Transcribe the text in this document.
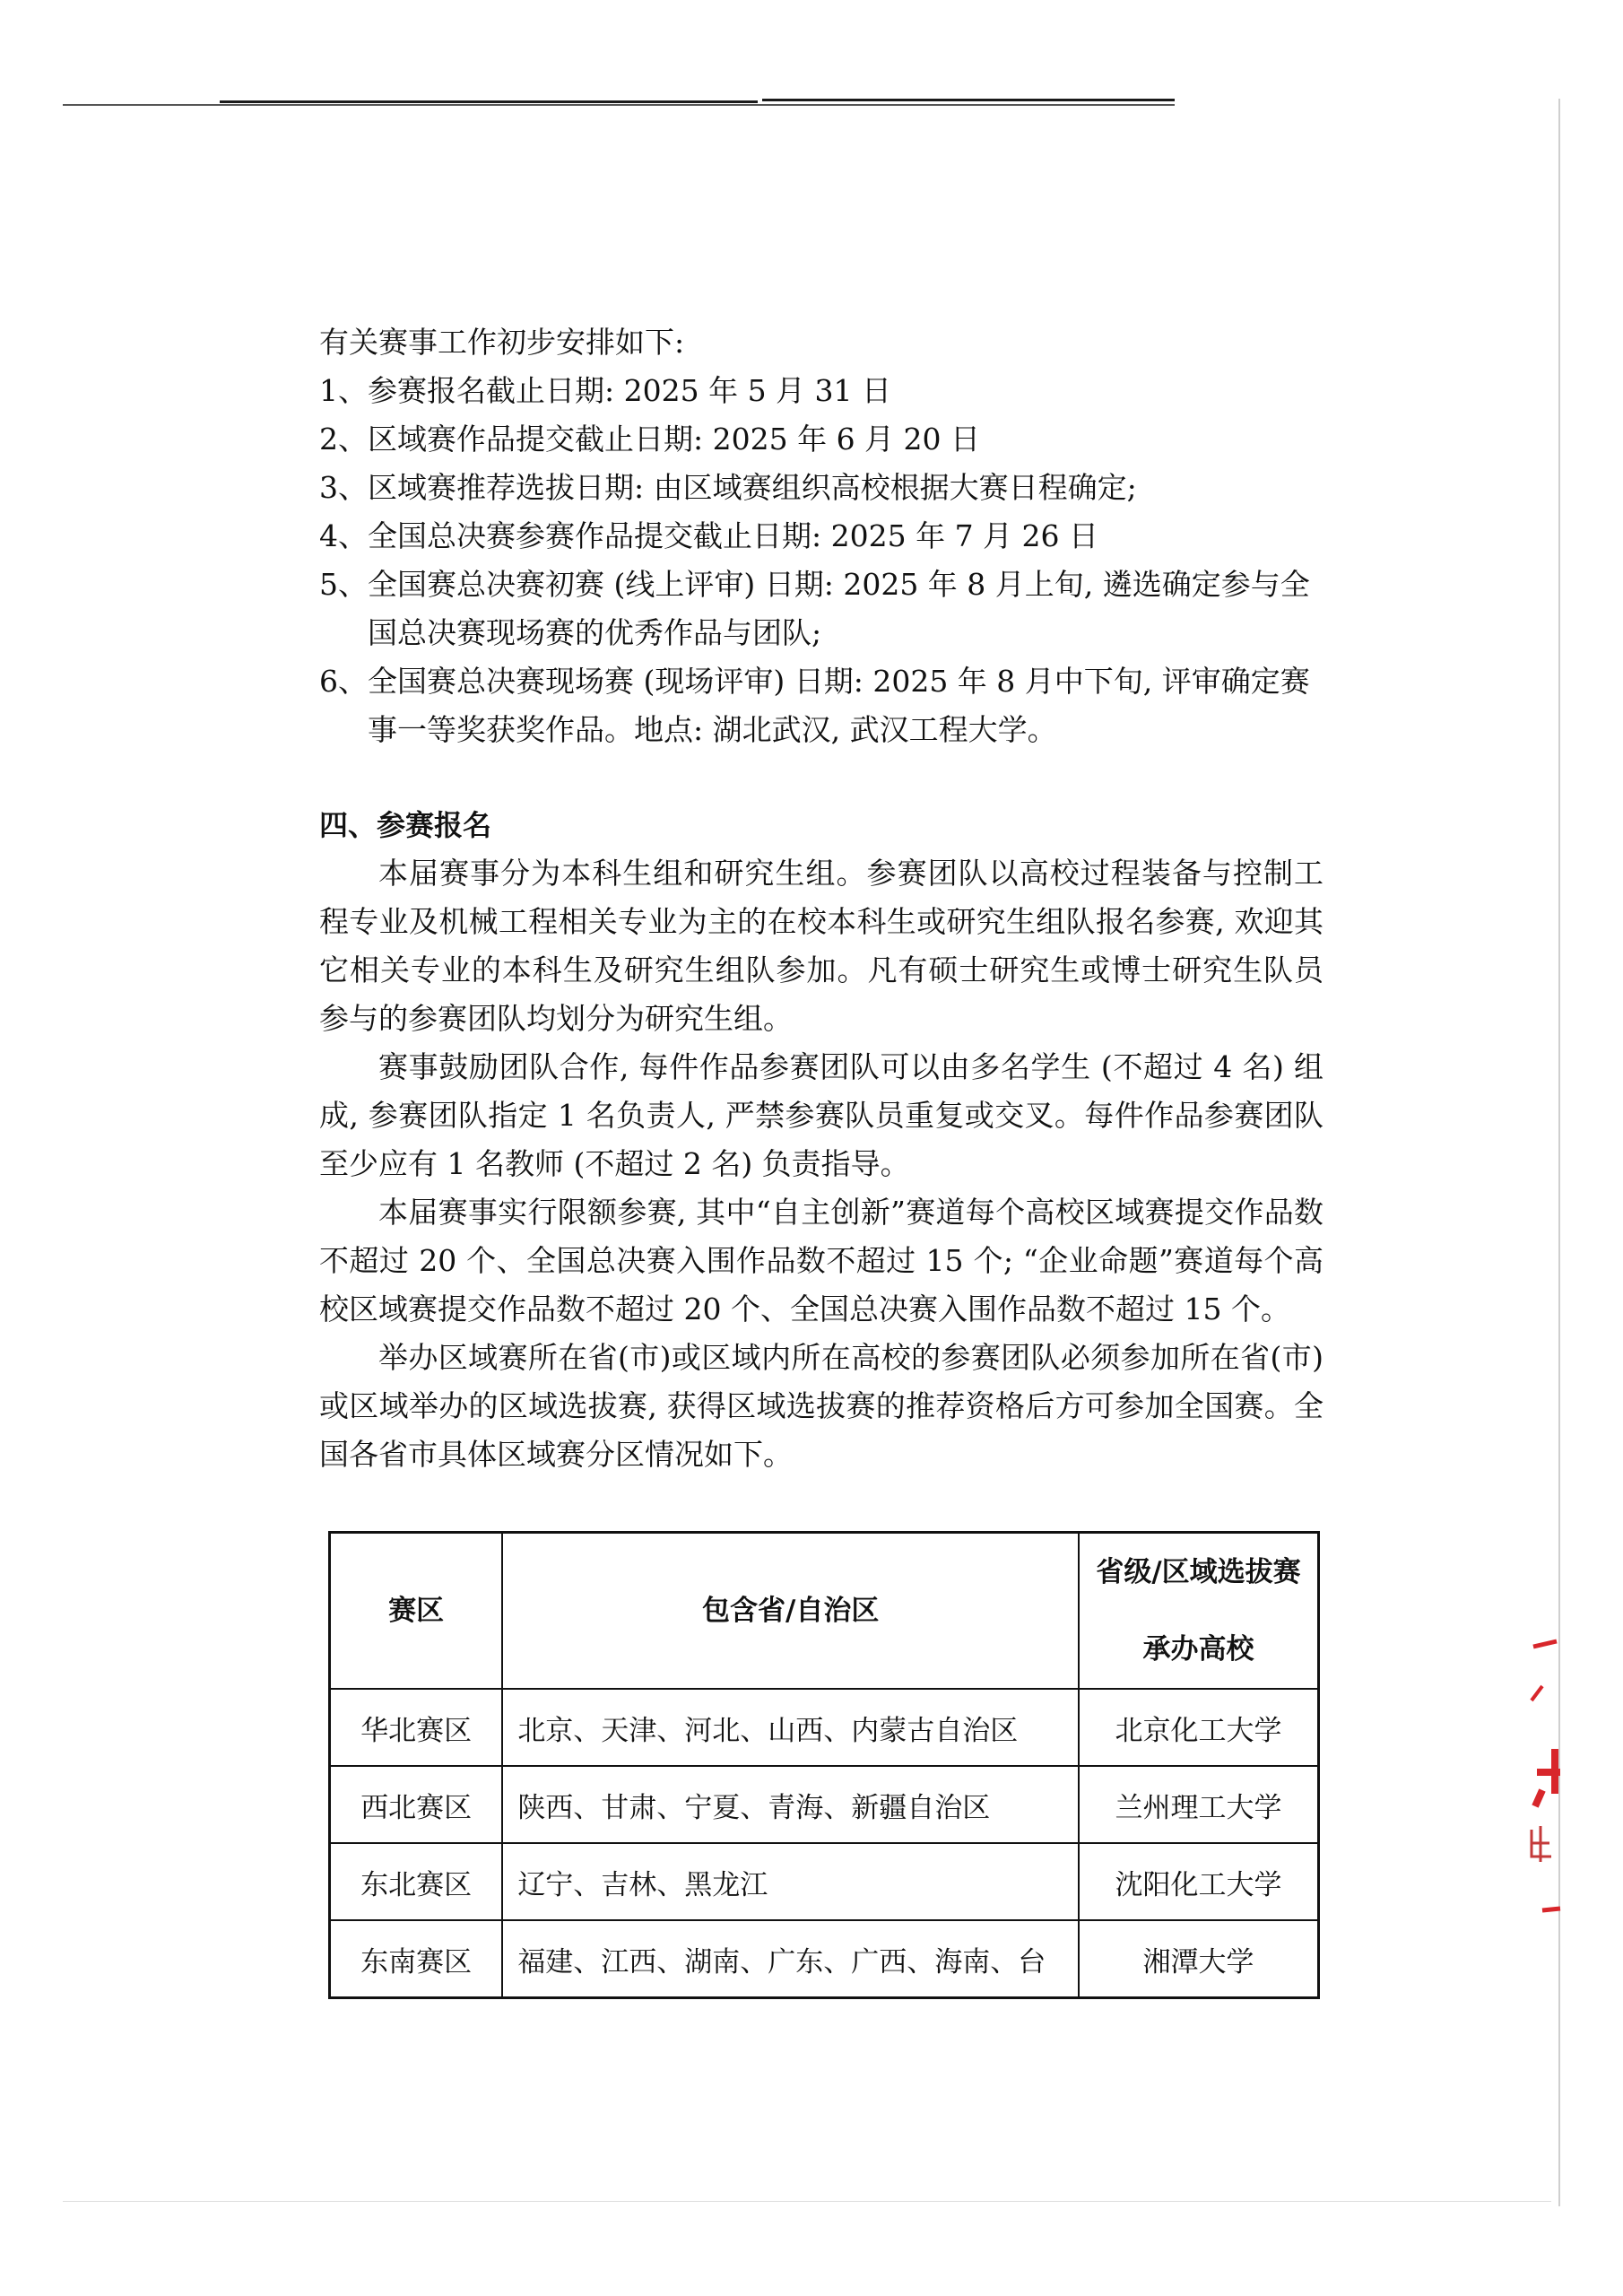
有关赛事工作初步安排如下:

1、 参赛报名截止日期: 2025 年 5 月 31 日
2、 区域赛作品提交截止日期: 2025 年 6 月 20 日
3、 区域赛推荐选拔日期: 由区域赛组织高校根据大赛日程确定;
4、 全国总决赛参赛作品提交截止日期: 2025 年 7 月 26 日
5、 全国赛总决赛初赛 (线上评审) 日期: 2025 年 8 月上旬, 遴选确定参与全国总决赛现场赛的优秀作品与团队;
6、 全国赛总决赛现场赛 (现场评审) 日期: 2025 年 8 月中下旬, 评审确定赛事一等奖获奖作品。地点: 湖北武汉, 武汉工程大学。

四、参赛报名

本届赛事分为本科生组和研究生组。参赛团队以高校过程装备与控制工程专业及机械工程相关专业为主的在校本科生或研究生组队报名参赛, 欢迎其它相关专业的本科生及研究生组队参加。凡有硕士研究生或博士研究生队员参与的参赛团队均划分为研究生组。

赛事鼓励团队合作, 每件作品参赛团队可以由多名学生 (不超过 4 名) 组成, 参赛团队指定 1 名负责人, 严禁参赛队员重复或交叉。每件作品参赛团队至少应有 1 名教师 (不超过 2 名) 负责指导。

本届赛事实行限额参赛, 其中“自主创新”赛道每个高校区域赛提交作品数不超过 20 个、全国总决赛入围作品数不超过 15 个; “企业命题”赛道每个高校区域赛提交作品数不超过 20 个、全国总决赛入围作品数不超过 15 个。

举办区域赛所在省(市)或区域内所在高校的参赛团队必须参加所在省(市)或区域举办的区域选拔赛, 获得区域选拔赛的推荐资格后方可参加全国赛。全国各省市具体区域赛分区情况如下。

赛区	包含省/自治区	省级/区域选拔赛承办高校
华北赛区	北京、天津、河北、山西、内蒙古自治区	北京化工大学
西北赛区	陕西、甘肃、宁夏、青海、新疆自治区	兰州理工大学
东北赛区	辽宁、吉林、黑龙江	沈阳化工大学
东南赛区	福建、江西、湖南、广东、广西、海南、台	湘潭大学
